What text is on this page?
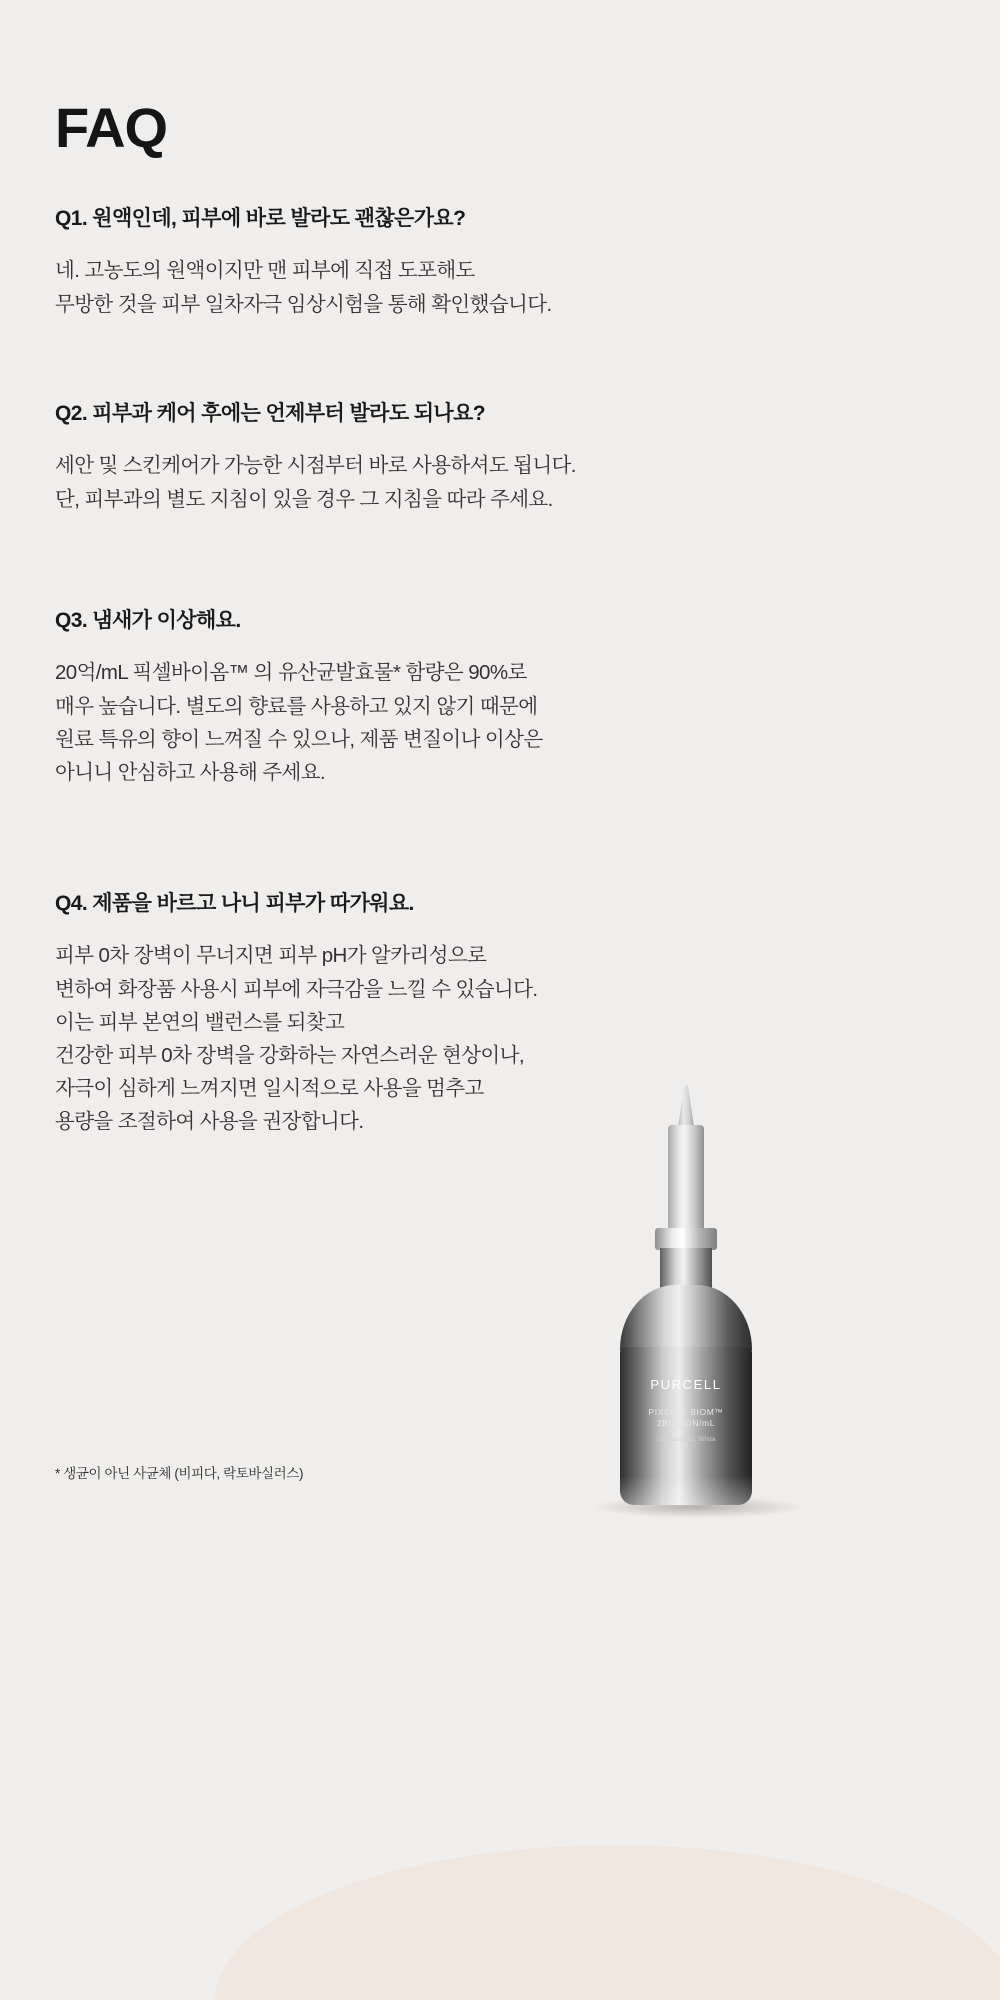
FAQ
Q1. 원액인데, 피부에 바로 발라도 괜찮은가요?
네. 고농도의 원액이지만 맨 피부에 직접 도포해도
무방한 것을 피부 일차자극 임상시험을 통해 확인했습니다.
Q2. 피부과 케어 후에는 언제부터 발라도 되나요?
세안 및 스킨케어가 가능한 시점부터 바로 사용하셔도 됩니다.
단, 피부과의 별도 지침이 있을 경우 그 지침을 따라 주세요.
Q3. 냄새가 이상해요.
20억/mL 픽셀바이옴™ 의 유산균발효물* 함량은 90%로
매우 높습니다. 별도의 향료를 사용하고 있지 않기 때문에
원료 특유의 향이 느껴질 수 있으나, 제품 변질이나 이상은
아니니 안심하고 사용해 주세요.
Q4. 제품을 바르고 나니 피부가 따가워요.
피부 0차 장벽이 무너지면 피부 pH가 알카리성으로
변하여 화장품 사용시 피부에 자극감을 느낄 수 있습니다.
이는 피부 본연의 밸런스를 되찾고
건강한 피부 0차 장벽을 강화하는 자연스러운 현상이나,
자극이 심하게 느껴지면 일시적으로 사용을 멈추고
용량을 조절하여 사용을 권장합니다.
* 생균이 아닌 사균체 (비피다, 락토바실러스)
PURCELL
PIXCELL BIOM™
2BILLION/mL
Lactobacillus, Bifida
